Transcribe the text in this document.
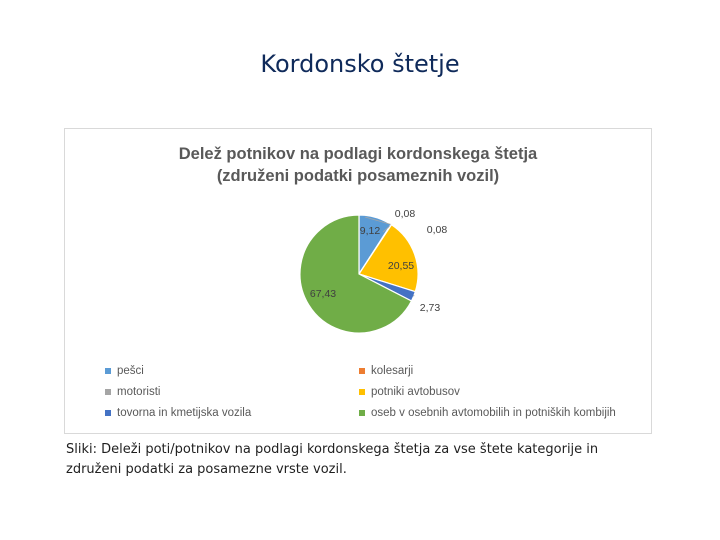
Kordonsko štetje
Delež potnikov na podlagi kordonskega štetja
(združeni podatki posameznih vozil)
9,12
0,08
0,08
20,55
2,73
67,43
pešci	kolesarji
motoristi	potniki avtobusov
tovorna in kmetijska vozila	oseb v osebnih avtomobilih in potniških kombijih
Sliki: Deleži poti/potnikov na podlagi kordonskega štetja za vse štete kategorije in združeni podatki za posamezne vrste vozil.
